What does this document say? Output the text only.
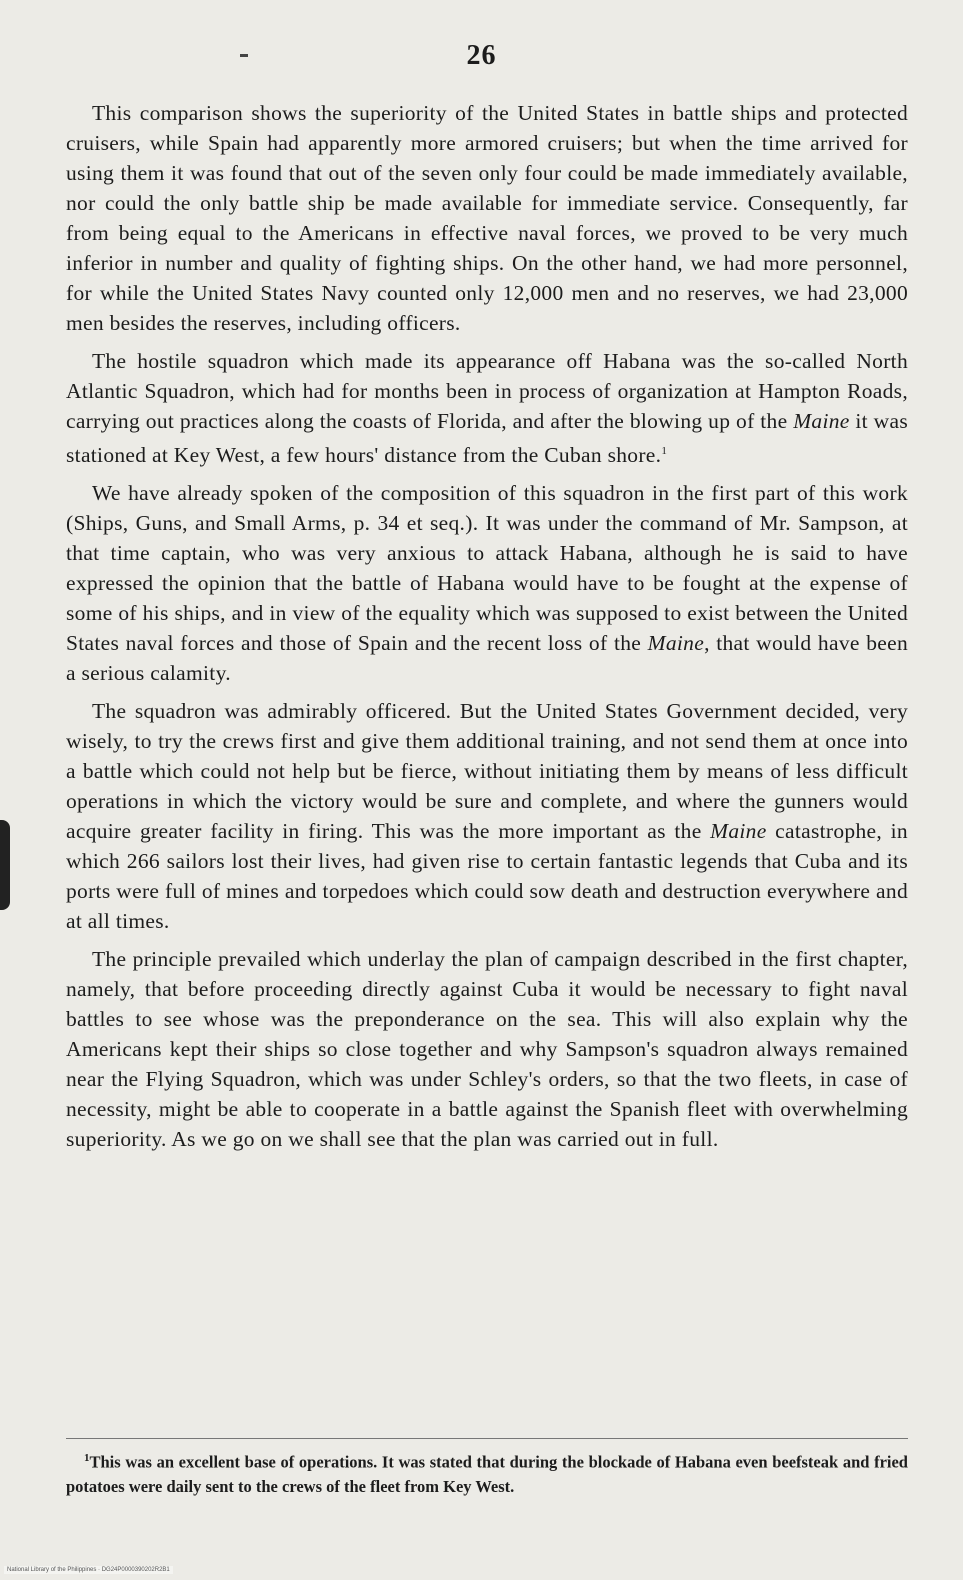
26

This comparison shows the superiority of the United States in battle ships and protected cruisers, while Spain had apparently more armored cruisers; but when the time arrived for using them it was found that out of the seven only four could be made immediately available, nor could the only battle ship be made available for immediate service. Consequently, far from being equal to the Americans in effective naval forces, we proved to be very much inferior in number and quality of fighting ships. On the other hand, we had more personnel, for while the United States Navy counted only 12,000 men and no reserves, we had 23,000 men besides the reserves, including officers.

The hostile squadron which made its appearance off Habana was the so-called North Atlantic Squadron, which had for months been in process of organization at Hampton Roads, carrying out practices along the coasts of Florida, and after the blowing up of the Maine it was stationed at Key West, a few hours' distance from the Cuban shore.$^1$

We have already spoken of the composition of this squadron in the first part of this work (Ships, Guns, and Small Arms, p. 34 et seq.). It was under the command of Mr. Sampson, at that time captain, who was very anxious to attack Habana, although he is said to have expressed the opinion that the battle of Habana would have to be fought at the expense of some of his ships, and in view of the equality which was supposed to exist between the United States naval forces and those of Spain and the recent loss of the Maine, that would have been a serious calamity.

The squadron was admirably officered. But the United States Government decided, very wisely, to try the crews first and give them additional training, and not send them at once into a battle which could not help but be fierce, without initiating them by means of less difficult operations in which the victory would be sure and complete, and where the gunners would acquire greater facility in firing. This was the more important as the Maine catastrophe, in which 266 sailors lost their lives, had given rise to certain fantastic legends that Cuba and its ports were full of mines and torpedoes which could sow death and destruction everywhere and at all times.

The principle prevailed which underlay the plan of campaign described in the first chapter, namely, that before proceeding directly against Cuba it would be necessary to fight naval battles to see whose was the preponderance on the sea. This will also explain why the Americans kept their ships so close together and why Sampson's squadron always remained near the Flying Squadron, which was under Schley's orders, so that the two fleets, in case of necessity, might be able to cooperate in a battle against the Spanish fleet with overwhelming superiority. As we go on we shall see that the plan was carried out in full.

$^1$This was an excellent base of operations. It was stated that during the blockade of Habana even beefsteak and fried potatoes were daily sent to the crews of the fleet from Key West.

National Library of the Philippines · DG24P0000390202R2B1
